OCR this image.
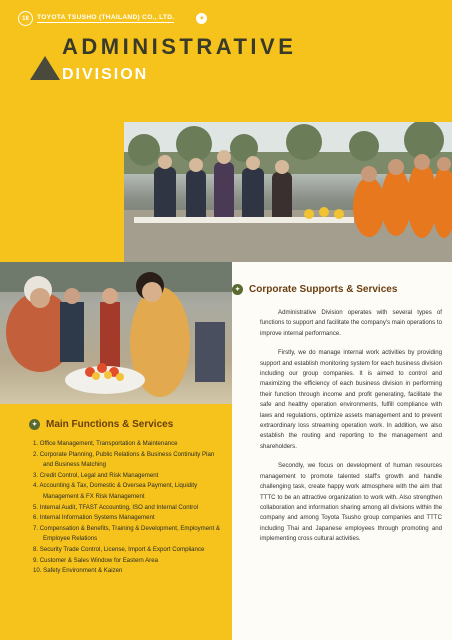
18	TOYOTA TSUSHO (THAILAND) CO., LTD.	✦
ADMINISTRATIVE
DIVISION
✦ Corporate Supports & Services

Administrative Division operates with several types of functions to support and facilitate the company's main operations to improve internal performance.

Firstly, we do manage internal work activities by providing support and establish monitoring system for each business division including our group companies. It is aimed to control and maximizing the efficiency of each business division in performing their function through income and profit generating, facilitate the safe and healthy operation environments, fulfill compliance with laws and regulations, optimize assets management and to prevent extraordinary loss streaming operation work. In addition, we also establish the routing and reporting to the management and shareholders.

Secondly, we focus on development of human resources management to promote talented staff's growth and handle challenging task, create happy work atmosphere with the aim that TTTC to be an attractive organization to work with. Also strengthen collaboration and information sharing among all divisions within the company and among Toyota Tsusho group companies and TTTC including Thai and Japanese employees through promoting and implementing cross cultural activities.

✦ Main Functions & Services
1. Office Management, Transportation & Maintenance
2. Corporate Planning, Public Relations & Business Continuity Plan and Business Matching
3. Credit Control, Legal and Risk Management
4. Accounting & Tax, Domestic & Oversea Payment, Liquidity Management & FX Risk Management
5. Internal Audit, TFAST Accounting, ISO and Internal Control
6. Internal Information Systems Management
7. Compensation & Benefits, Training & Development, Employment & Employee Relations
8. Security Trade Control, License, Import & Export Compliance
9. Customer & Sales Window for Eastern Area
10. Safety Environment & Kaizen
